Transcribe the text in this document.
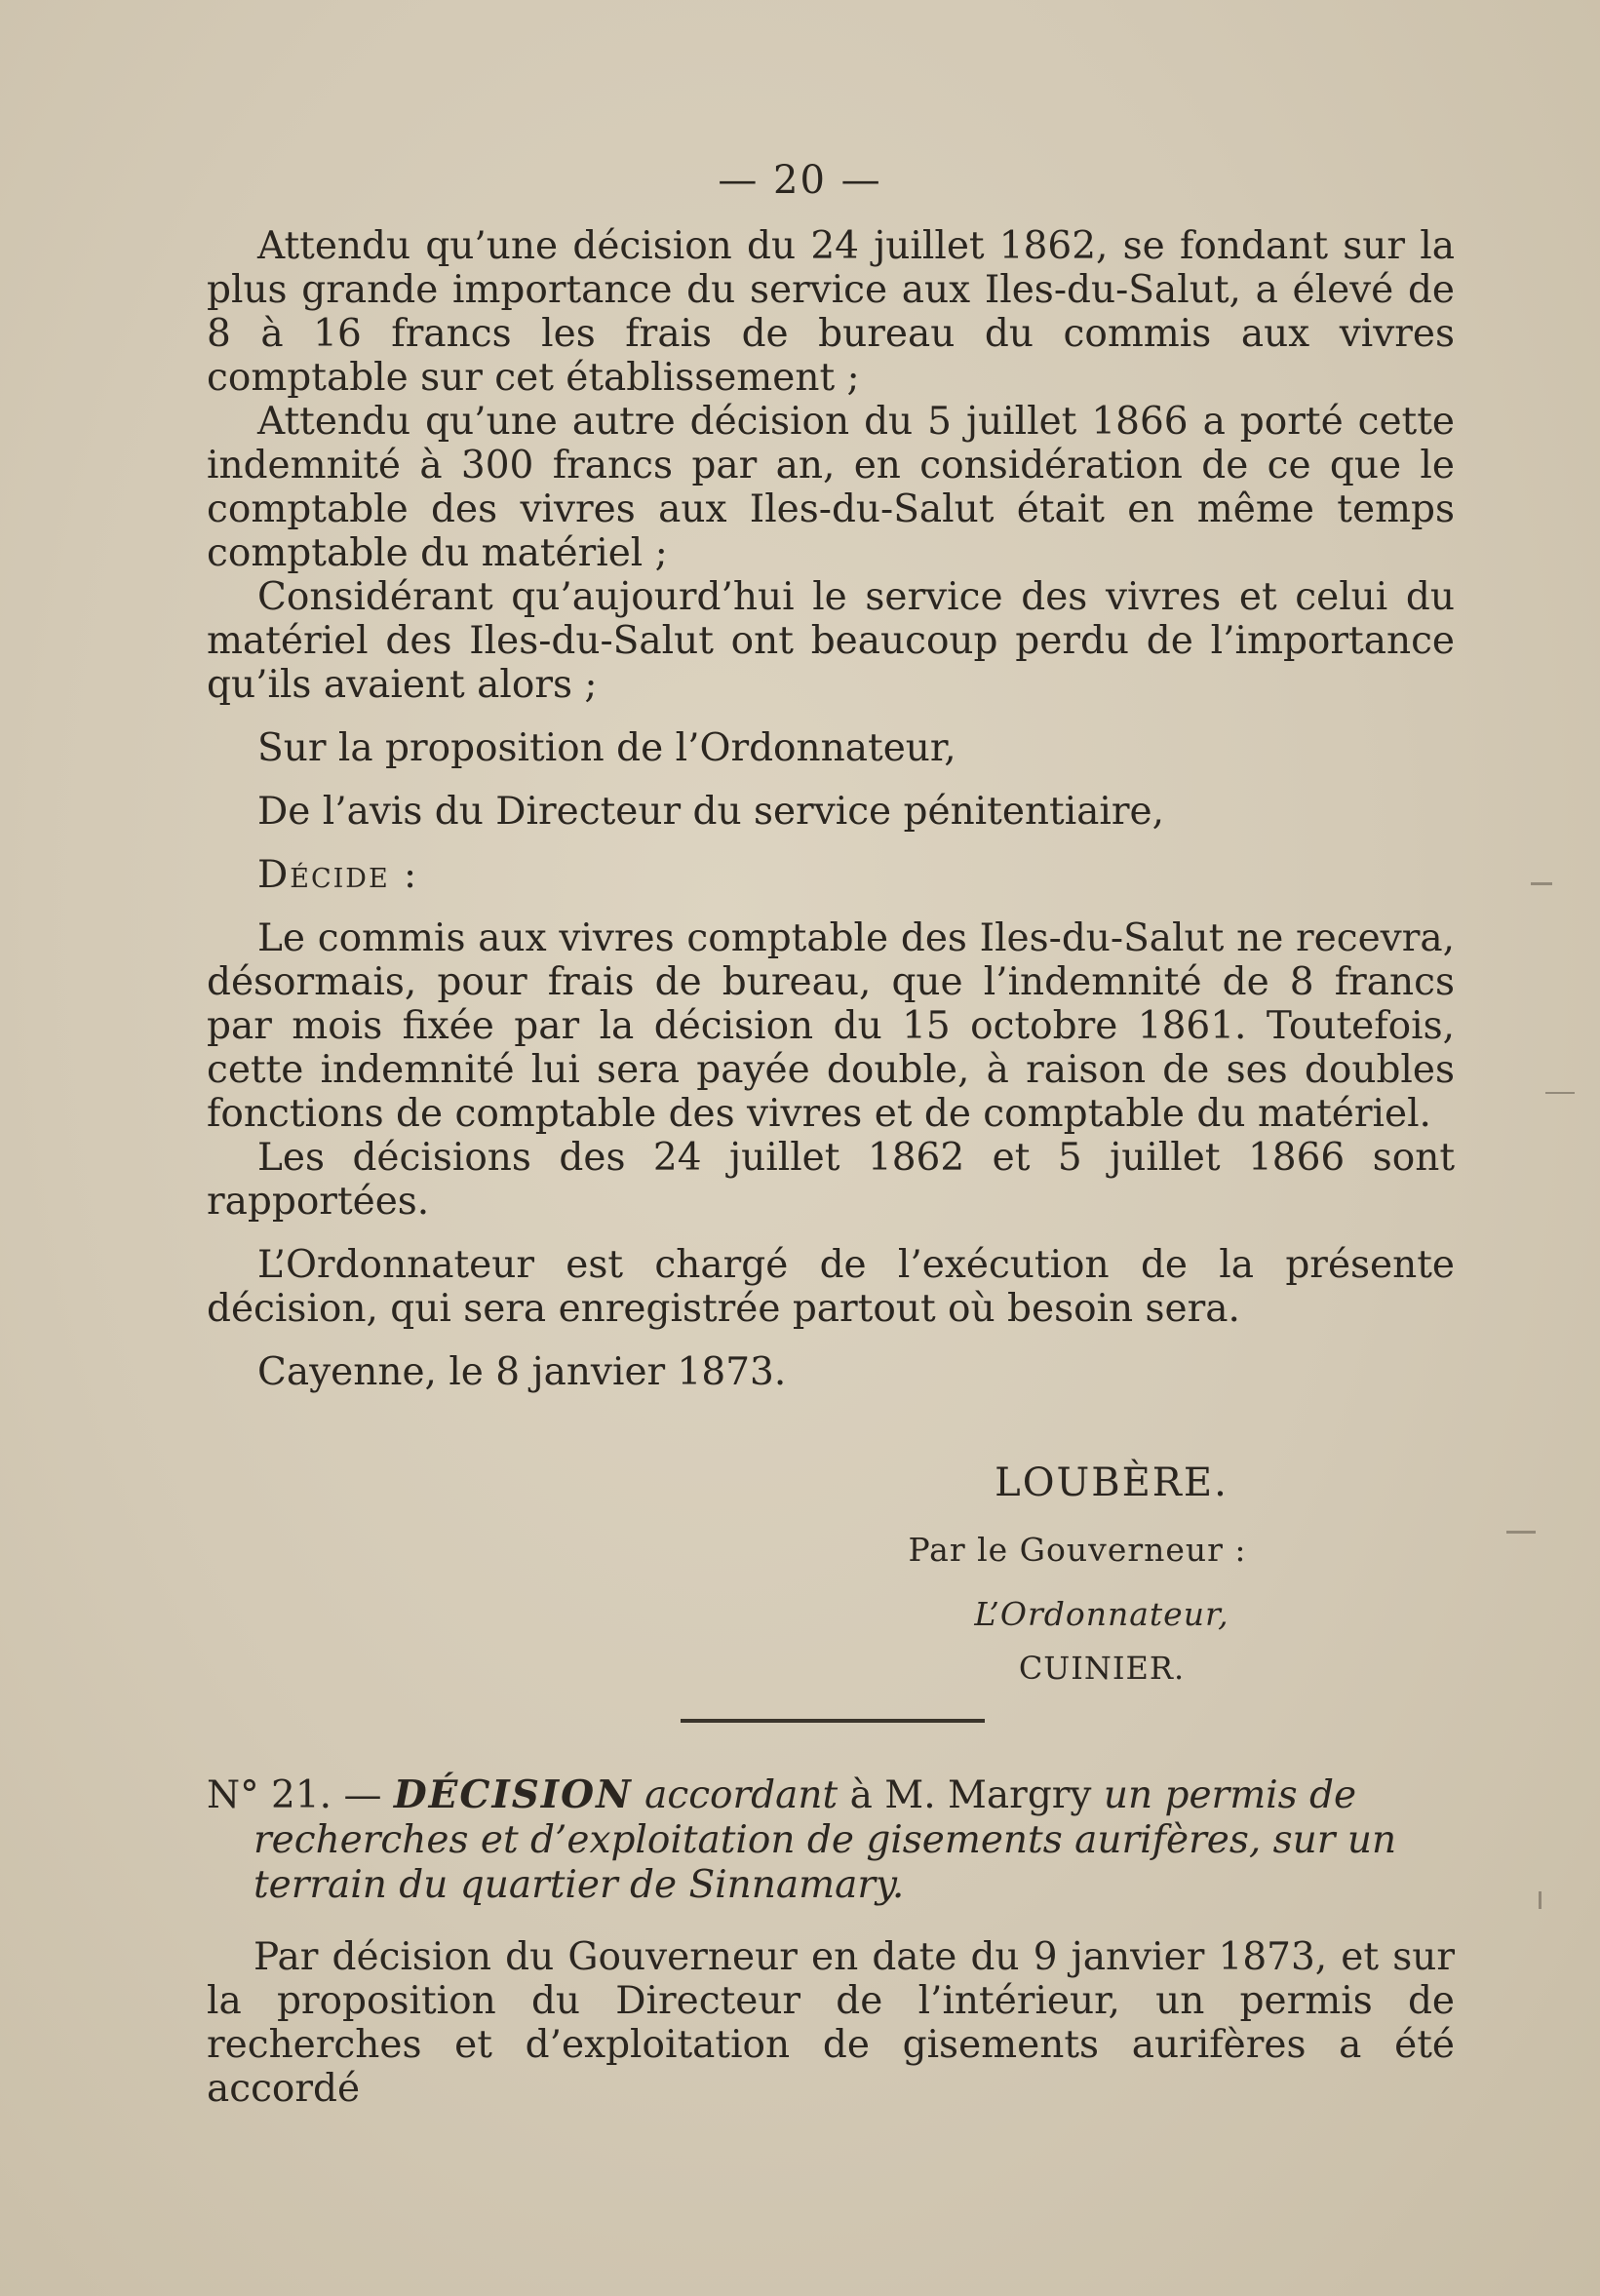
— 20 —

Attendu qu’une décision du 24 juillet 1862, se fondant sur la plus grande importance du service aux Iles-du-Salut, a élevé de 8 à 16 francs les frais de bureau du commis aux vivres comptable sur cet établissement ;

Attendu qu’une autre décision du 5 juillet 1866 a porté cette indemnité à 300 francs par an, en considération de ce que le comptable des vivres aux Iles-du-Salut était en même temps comptable du matériel ;

Considérant qu’aujourd’hui le service des vivres et celui du matériel des Iles-du-Salut ont beaucoup perdu de l’importance qu’ils avaient alors ;

Sur la proposition de l’Ordonnateur,

De l’avis du Directeur du service pénitentiaire,

Décide :

Le commis aux vivres comptable des Iles-du-Salut ne recevra, désormais, pour frais de bureau, que l’indemnité de 8 francs par mois fixée par la décision du 15 octobre 1861. Toutefois, cette indemnité lui sera payée double, à raison de ses doubles fonctions de comptable des vivres et de comptable du matériel.

Les décisions des 24 juillet 1862 et 5 juillet 1866 sont rapportées.

L’Ordonnateur est chargé de l’exécution de la présente décision, qui sera enregistrée partout où besoin sera.

Cayenne, le 8 janvier 1873.

LOUBÈRE.
Par le Gouverneur :
L’Ordonnateur,
CUINIER.
N° 21. — DÉCISION accordant à M. Margry un permis de
recherches et d’exploitation de gisements aurifères, sur un
terrain du quartier de Sinnamary.

Par décision du Gouverneur en date du 9 janvier 1873, et sur la proposition du Directeur de l’intérieur, un permis de recherches et d’exploitation de gisements aurifères a été accordé
